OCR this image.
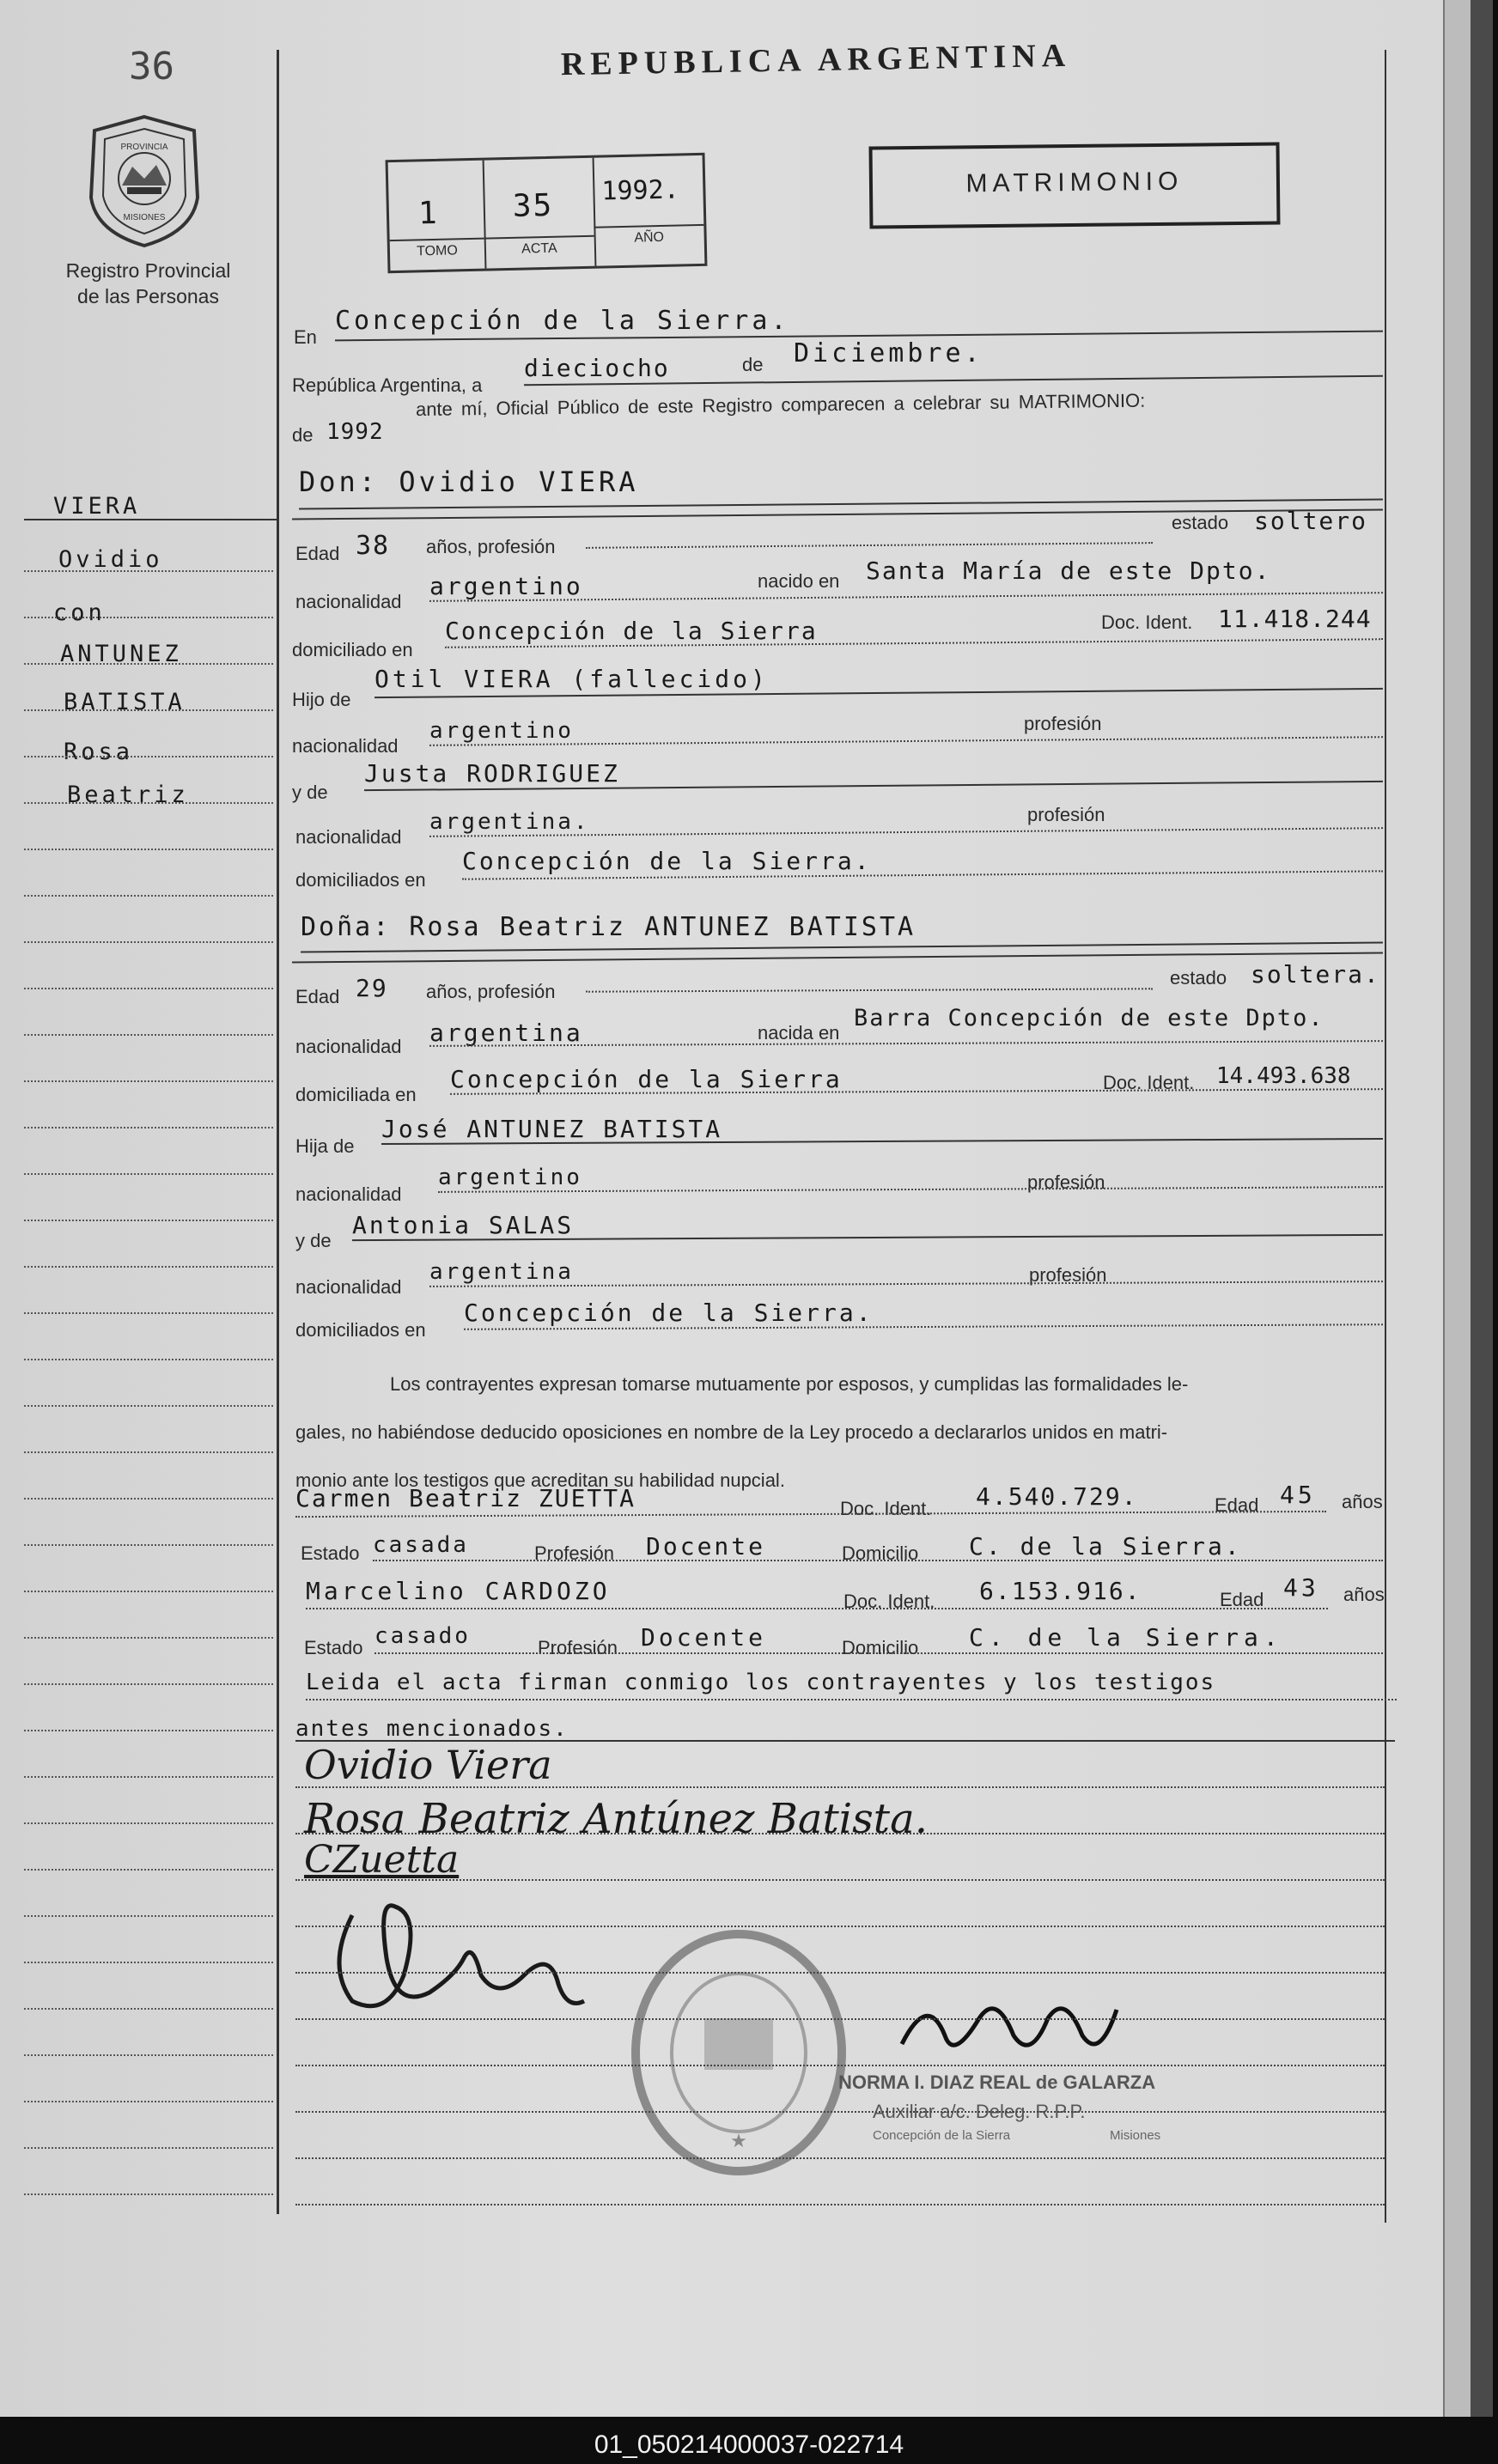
36
PROVINCIA
MISIONES
Registro Provincial
de las Personas
REPUBLICA ARGENTINA
1
TOMO
35
ACTA
1992.
AÑO
MATRIMONIO
VIERA
Ovidio
con
ANTUNEZ
BATISTA
Rosa
Beatriz
En
Concepción de la Sierra.
República Argentina, a
dieciocho	de Diciembre.
de 1992
ante mí, Oficial Público de este Registro comparecen a celebrar su MATRIMONIO:
Don: Ovidio VIERA
Edad 38 años, profesión
estado soltero
nacionalidad
argentino	nacido en Santa María de este Dpto.
domiciliado en
Concepción de la Sierra	Doc. Ident. 11.418.244
Hijo de
Otil VIERA (fallecido)
nacionalidad
argentino	profesión
y de
Justa RODRIGUEZ
nacionalidad
argentina.	profesión
domiciliados en
Concepción de la Sierra.
Doña: Rosa Beatriz ANTUNEZ BATISTA
Edad 29 años, profesión
estado soltera.
nacionalidad argentina	nacida en
Barra Concepción de este Dpto.
domiciliada en
Concepción de la Sierra	Doc. Ident. 14.493.638
Hija de
José ANTUNEZ BATISTA
nacionalidad
argentino	profesión
y de
Antonia SALAS
nacionalidad
argentina	profesión
domiciliados en
Concepción de la Sierra.
Los contrayentes expresan tomarse mutuamente por esposos, y cumplidas las formalidades le-
gales, no habiéndose deducido oposiciones en nombre de la Ley procedo a declararlos unidos en matri-
monio ante los testigos que acreditan su habilidad nupcial.
Carmen Beatriz ZUETTA	Doc. Ident. 4.540.729.	Edad 45 años
Estado casada	Profesión Docente	Domicilio C. de la Sierra.
Marcelino CARDOZO	Doc. Ident. 6.153.916.	Edad 43 años
Estado casado	Profesión Docente	Domicilio C. de la Sierra.
Leida el acta firman conmigo los contrayentes y los testigos
antes mencionados.
Ovidio Viera
Rosa Beatriz Antúnez Batista.
CZuetta
★
NORMA I. DIAZ REAL de GALARZA
Auxiliar a/c. Deleg. R.P.P.
Concepción de la Sierra	Misiones
01_050214000037-022714
